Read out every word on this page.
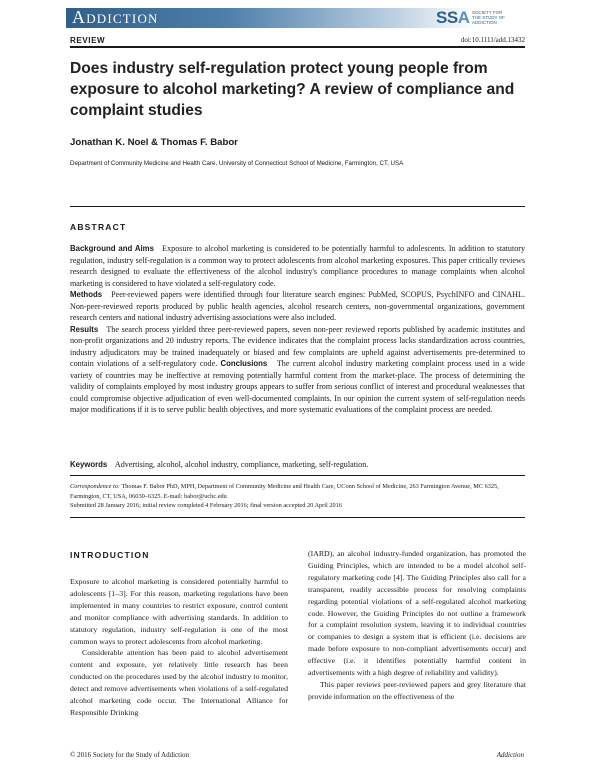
Addiction	SSA SOCIETY FOR THE STUDY OF ADDICTION
REVIEW	doi:10.1111/add.13432
Does industry self-regulation protect young people from exposure to alcohol marketing? A review of compliance and complaint studies
Jonathan K. Noel & Thomas F. Babor
Department of Community Medicine and Health Care, University of Connecticut School of Medicine, Farmington, CT, USA
ABSTRACT

Background and Aims Exposure to alcohol marketing is considered to be potentially harmful to adolescents. In addition to statutory regulation, industry self-regulation is a common way to protect adolescents from alcohol marketing exposures. This paper critically reviews research designed to evaluate the effectiveness of the alcohol industry's compliance procedures to manage complaints when alcohol marketing is considered to have violated a self-regulatory code.
Methods Peer-reviewed papers were identified through four literature search engines: PubMed, SCOPUS, PsychINFO and CINAHL. Non-peer-reviewed reports produced by public health agencies, alcohol research centers, non-governmental organizations, government research centers and national industry advertising associations were also included.
Results The search process yielded three peer-reviewed papers, seven non-peer reviewed reports published by academic institutes and non-profit organizations and 20 industry reports. The evidence indicates that the complaint process lacks standardization across countries, industry adjudicators may be trained inadequately or biased and few complaints are upheld against advertisements pre-determined to contain violations of a self-regulatory code. Conclusions The current alcohol industry marketing complaint process used in a wide variety of countries may be ineffective at removing potentially harmful content from the market-place. The process of determining the validity of complaints employed by most industry groups appears to suffer from serious conflict of interest and procedural weaknesses that could compromise objective adjudication of even well-documented complaints. In our opinion the current system of self-regulation needs major modifications if it is to serve public health objectives, and more systematic evaluations of the complaint process are needed.

Keywords Advertising, alcohol, alcohol industry, compliance, marketing, self-regulation.
Correspondence to: Thomas F. Babor PhD, MPH, Department of Community Medicine and Health Care, UConn School of Medicine, 263 Farmington Avenue, MC 6325, Farmington, CT, USA, 06030–6325. E-mail: babor@uchc.edu
Submitted 28 January 2016; initial review completed 4 February 2016; final version accepted 20 April 2016
INTRODUCTION

Exposure to alcohol marketing is considered potentially harmful to adolescents [1–3]. For this reason, marketing regulations have been implemented in many countries to restrict exposure, control content and monitor compliance with advertising standards. In addition to statutory regulation, industry self-regulation is one of the most common ways to protect adolescents from alcohol marketing.

Considerable attention has been paid to alcohol advertisement content and exposure, yet relatively little research has been conducted on the procedures used by the alcohol industry to monitor, detect and remove advertisements when violations of a self-regulated alcohol marketing code occur. The International Alliance for Responsible Drinking

(IARD), an alcohol industry-funded organization, has promoted the Guiding Principles, which are intended to be a model alcohol self-regulatory marketing code [4]. The Guiding Principles also call for a transparent, readily accessible process for resolving complaints regarding potential violations of a self-regulated alcohol marketing code. However, the Guiding Principles do not outline a framework for a complaint resolution system, leaving it to individual countries or companies to design a system that is efficient (i.e. decisions are made before exposure to non-compliant advertisements occur) and effective (i.e. it identifies potentially harmful content in advertisements with a high degree of reliability and validity).

This paper reviews peer-reviewed papers and grey literature that provide information on the effectiveness of the

© 2016 Society for the Study of Addiction	Addiction
